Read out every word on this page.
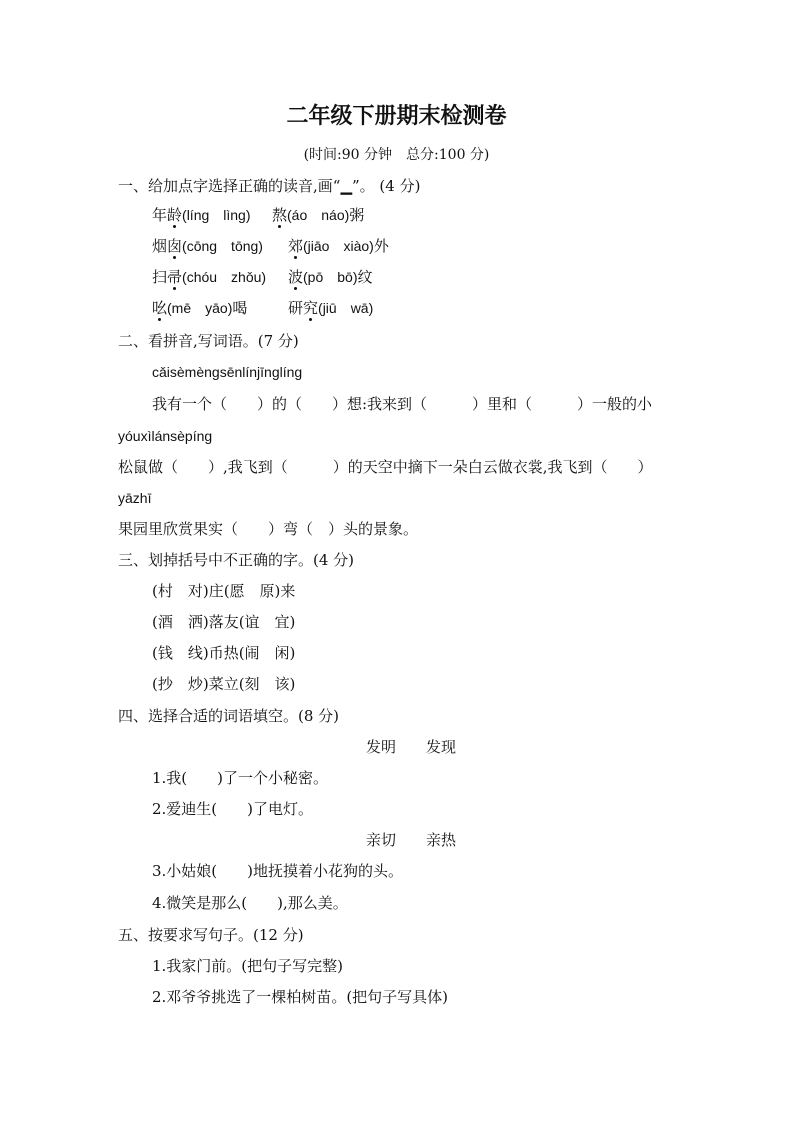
二年级下册期末检测卷
(时间:90 分钟　总分:100 分)
一、给加点字选择正确的读音,画“▁”。 (4 分)
年龄(líng　lìng) 熬(áo　náo)粥
烟囱(cōng　tōng) 郊(jiāo　xiào)外
扫帚(chóu　zhǒu) 波(pō　bō)纹
吆(mē　yāo)喝	研究(jiū　wā)
二、看拼音,写词语。(7 分)
cǎisèmèngsēnlínjīnglíng
我有一个（　　）的（　　）想:我来到（　　　）里和（　　　）一般的小
yóuxìlánsèpíng
松鼠做（　　）,我飞到（　　　）的天空中摘下一朵白云做衣裳,我飞到（　　）
yāzhī
果园里欣赏果实（　　）弯（　）头的景象。
三、划掉括号中不正确的字。(4 分)
(村　对)庄(愿　原)来
(酒　洒)落友(谊　宜)
(钱　线)币热(闹　闲)
(抄　炒)菜立(刻　该)
四、选择合适的词语填空。(8 分)
发明　　发现
1.我(　　)了一个小秘密。
2.爱迪生(　　)了电灯。
亲切　　亲热
3.小姑娘(　　)地抚摸着小花狗的头。
4.微笑是那么(　　),那么美。
五、按要求写句子。(12 分)
1.我家门前。(把句子写完整)
2.邓爷爷挑选了一棵柏树苗。(把句子写具体)
